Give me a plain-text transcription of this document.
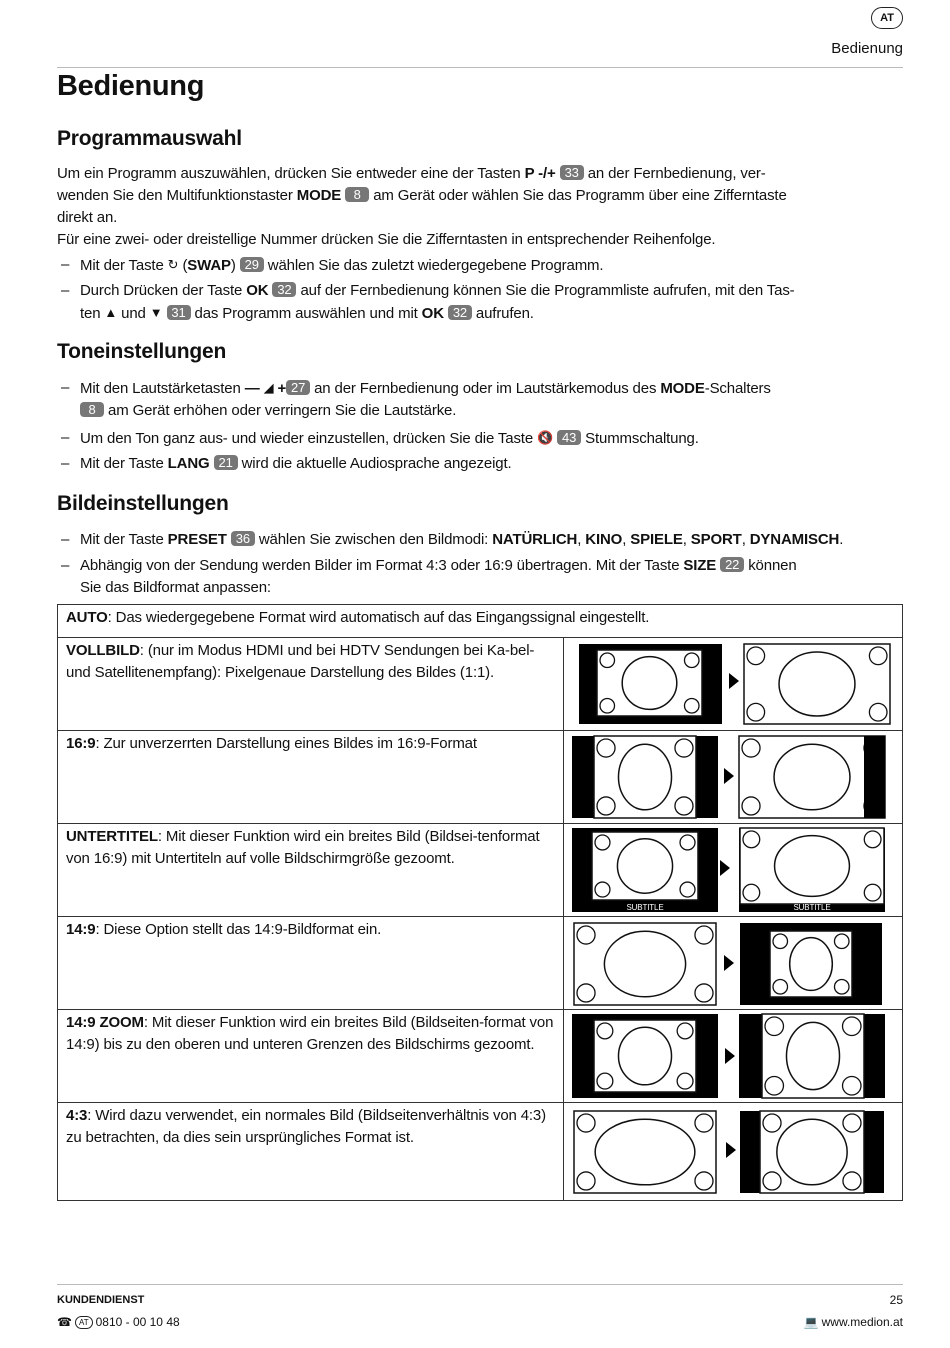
AT
Bedienung
Bedienung
Programmauswahl
Um ein Programm auszuwählen, drücken Sie entweder eine der Tasten P -/+ 33 an der Fernbedienung, ver-
wenden Sie den Multifunktionstaster MODE 8 am Gerät oder wählen Sie das Programm über eine Zifferntaste
direkt an.
Für eine zwei- oder dreistellige Nummer drücken Sie die Zifferntasten in entsprechender Reihenfolge.
– Mit der Taste ↻ (SWAP) 29 wählen Sie das zuletzt wiedergegebene Programm.
– Durch Drücken der Taste OK 32 auf der Fernbedienung können Sie die Programmliste aufrufen, mit den Tas-
ten ▲ und ▼ 31 das Programm auswählen und mit OK 32 aufrufen.
Toneinstellungen
– Mit den Lautstärketasten — ◢ + 27 an der Fernbedienung oder im Lautstärkemodus des MODE-Schalters
8 am Gerät erhöhen oder verringern Sie die Lautstärke.
– Um den Ton ganz aus- und wieder einzustellen, drücken Sie die Taste 🔇 43 Stummschaltung.
– Mit der Taste LANG 21 wird die aktuelle Audiosprache angezeigt.
Bildeinstellungen
– Mit der Taste PRESET 36 wählen Sie zwischen den Bildmodi: NATÜRLICH, KINO, SPIELE, SPORT, DYNAMISCH.
– Abhängig von der Sendung werden Bilder im Format 4:3 oder 16:9 übertragen. Mit der Taste SIZE 22 können
Sie das Bildformat anpassen:
AUTO: Das wiedergegebene Format wird automatisch auf das Eingangssignal eingestellt.	
VOLLBILD: (nur im Modus HDMI und bei HDTV Sendungen bei Ka-bel- und Satellitenempfang): Pixelgenaue Darstellung des Bildes (1:1).	

16:9: Zur unverzerrten Darstellung eines Bildes im 16:9-Format	

UNTERTITEL: Mit dieser Funktion wird ein breites Bild (Bildsei-tenformat von 16:9) mit Untertiteln auf volle Bildschirmgröße gezoomt.	SUBTITLE SUBTITLE

14:9: Diese Option stellt das 14:9-Bildformat ein.	

14:9 ZOOM: Mit dieser Funktion wird ein breites Bild (Bildseiten-format von 14:9) bis zu den oberen und unteren Grenzen des Bildschirms gezoomt.	

4:3: Wird dazu verwendet, ein normales Bild (Bildseitenverhältnis von 4:3) zu betrachten, da dies sein ursprüngliches Format ist.	
KUNDENDIENST
☎ AT 0810 - 00 10 48
25
💻 www.medion.at
